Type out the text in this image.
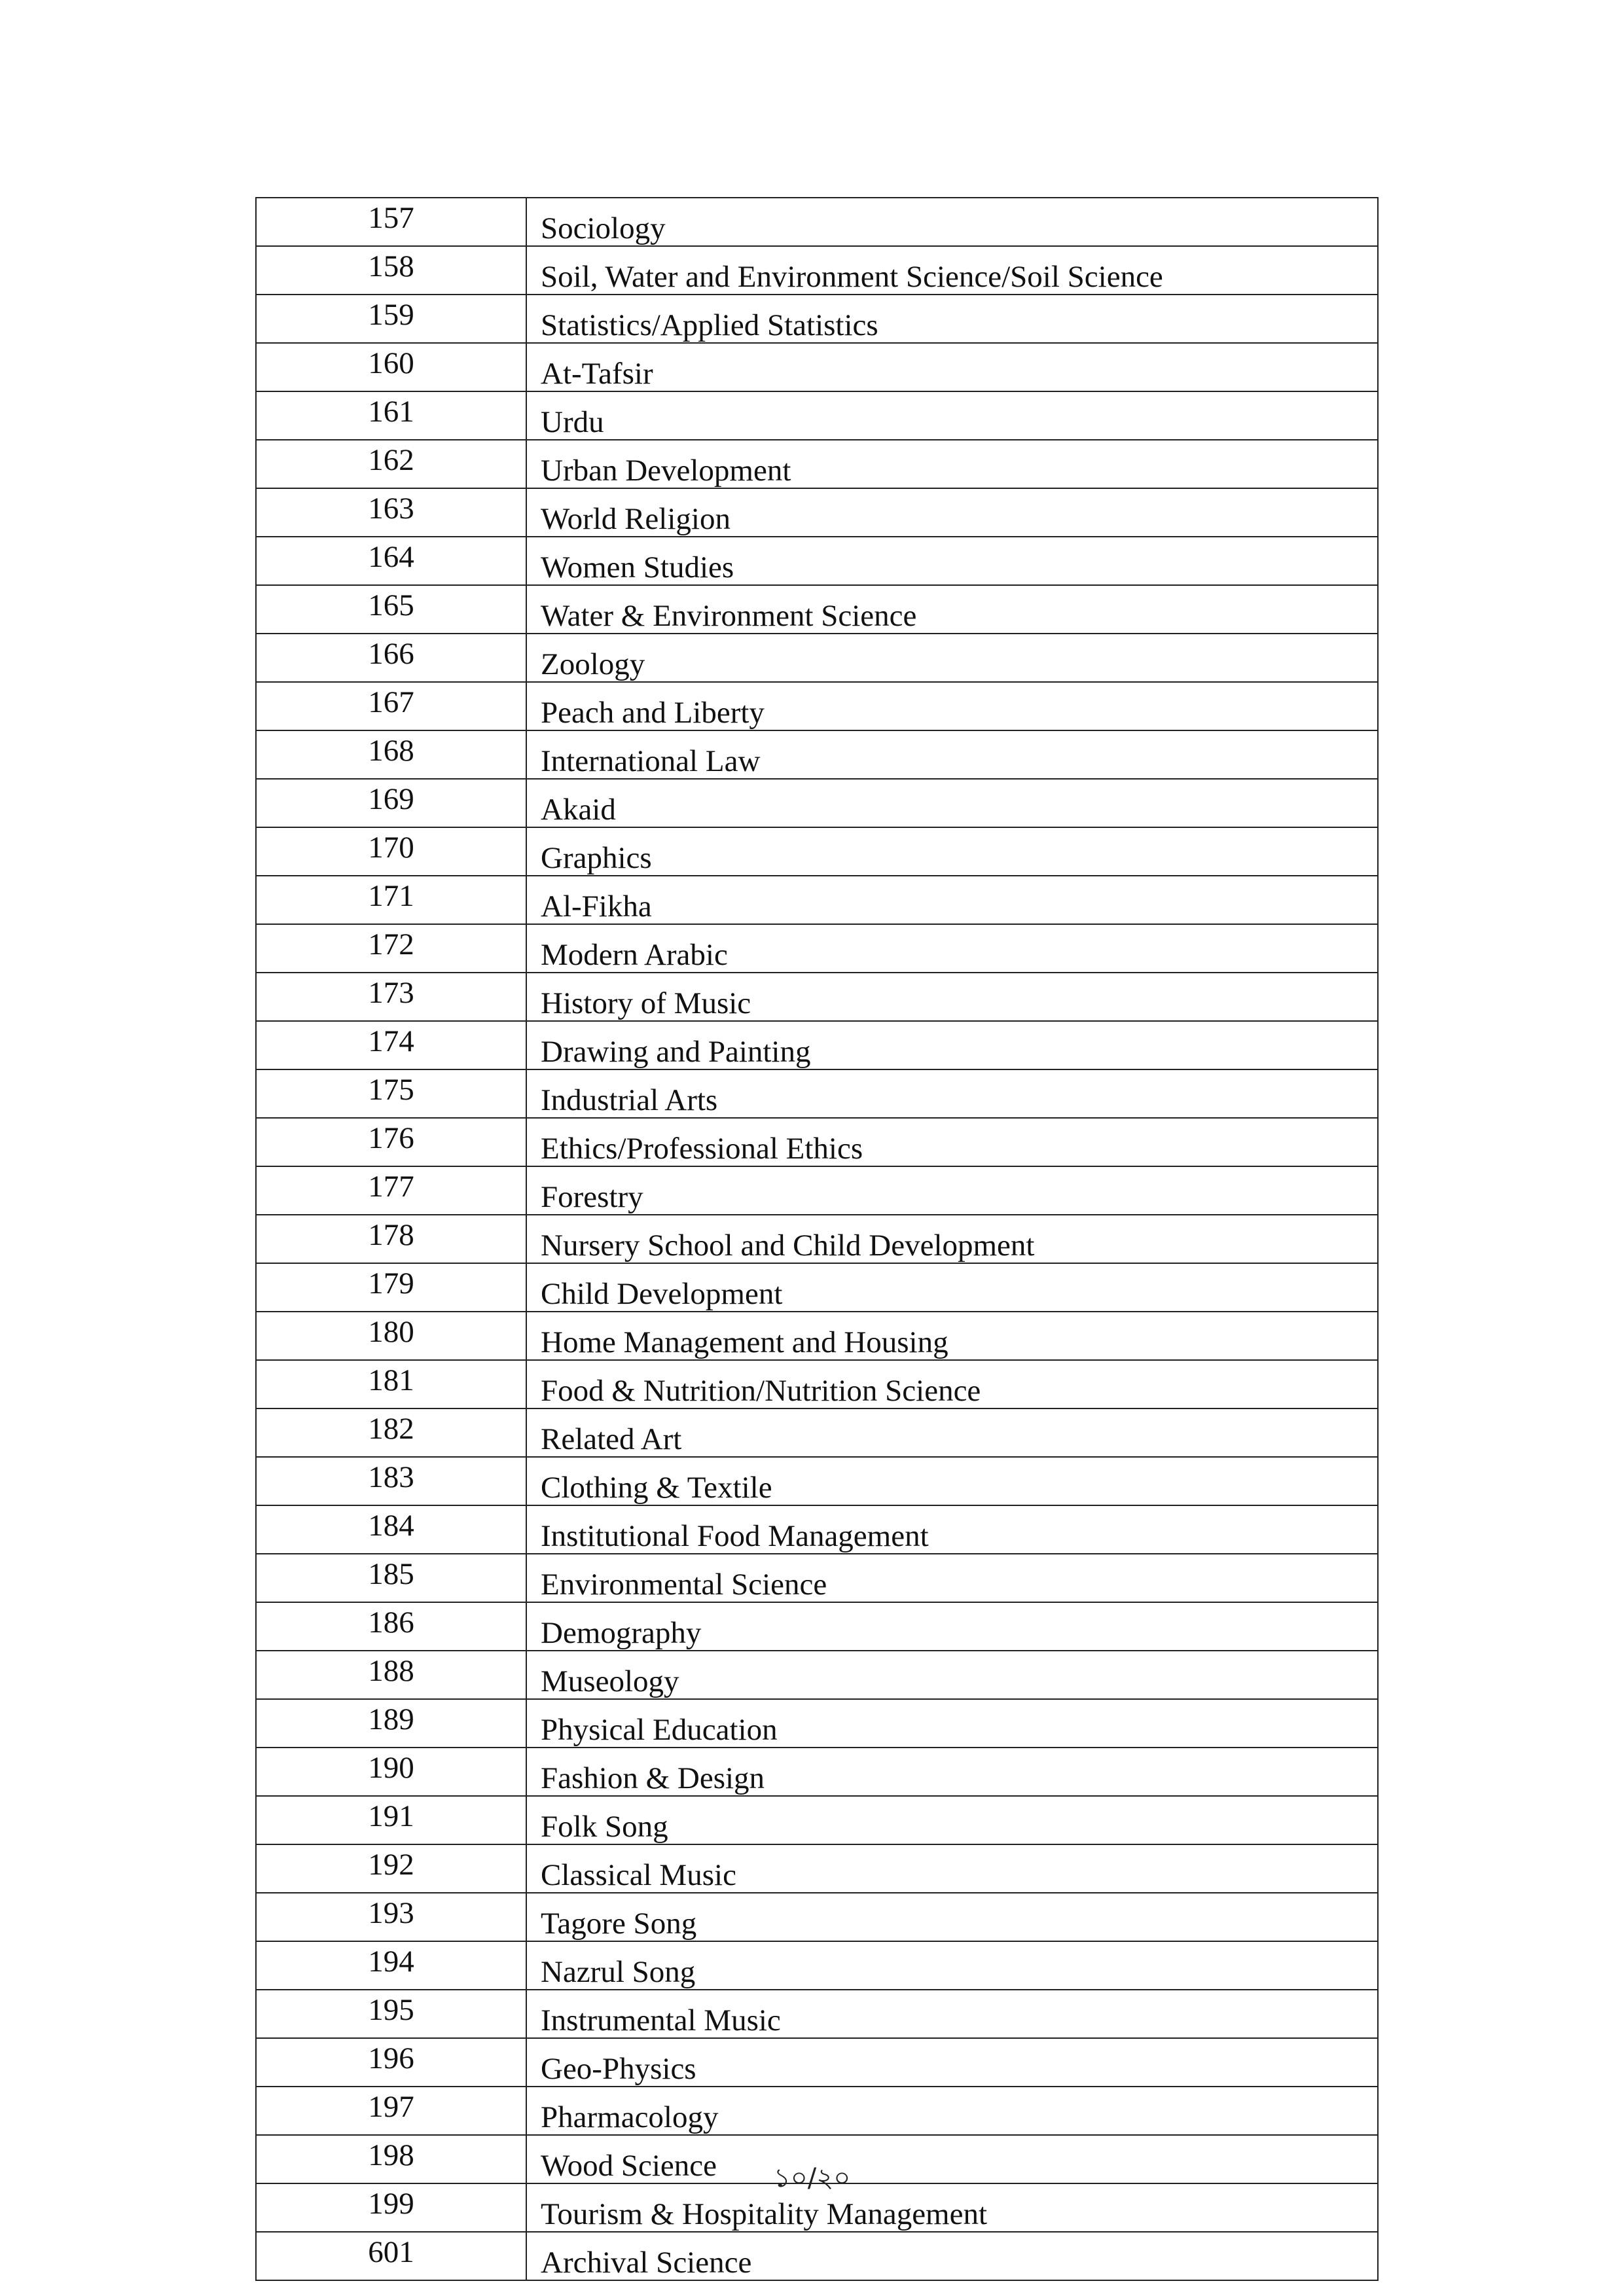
157	Sociology
158	Soil, Water and Environment Science/Soil Science
159	Statistics/Applied Statistics
160	At-Tafsir
161	Urdu
162	Urban Development
163	World Religion
164	Women Studies
165	Water & Environment Science
166	Zoology
167	Peach and Liberty
168	International Law
169	Akaid
170	Graphics
171	Al-Fikha
172	Modern Arabic
173	History of Music
174	Drawing and Painting
175	Industrial Arts
176	Ethics/Professional Ethics
177	Forestry
178	Nursery School and Child Development
179	Child Development
180	Home Management and Housing
181	Food & Nutrition/Nutrition Science
182	Related Art
183	Clothing & Textile
184	Institutional Food Management
185	Environmental Science
186	Demography
188	Museology
189	Physical Education
190	Fashion & Design
191	Folk Song
192	Classical Music
193	Tagore Song
194	Nazrul Song
195	Instrumental Music
196	Geo-Physics
197	Pharmacology
198	Wood Science
199	Tourism & Hospitality Management
601	Archival Science
১০/২০
